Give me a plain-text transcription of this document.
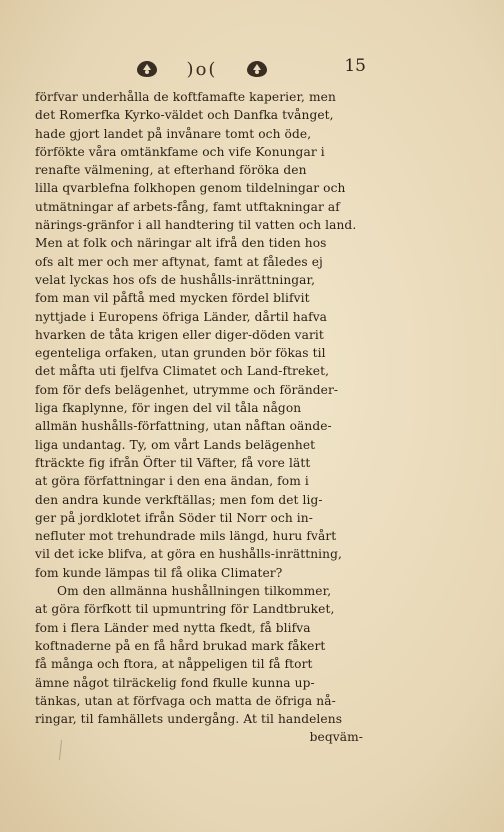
)o(	15
förfvar underhålla de koftfamafte kaperier, men
det Romerfka Kyrko-väldet och Danfka tvånget,
hade gjort landet på invånare tomt och öde,
förfökte våra omtänkfame och vife Konungar i
renafte välmening, at efterhand föröka den
lilla qvarblefna folkhopen genom tildelningar och
utmätningar af arbets-fång, famt utftakningar af
närings-gränfor i all handtering til vatten och land.
Men at folk och näringar alt ifrå den tiden hos
ofs alt mer och mer aftynat, famt at fåledes ej
velat lyckas hos ofs de hushålls-inrättningar,
fom man vil påftå med mycken fördel blifvit
nyttjade i Europens öfriga Länder, dårtil hafva
hvarken de tåta krigen eller diger-döden varit
egenteliga orfaken, utan grunden bör fökas til
det måfta uti fjelfva Climatet och Land-ftreket,
fom för defs belägenhet, utrymme och föränder-
liga fkaplynne, för ingen del vil tåla någon
allmän hushålls-författning, utan nåftan oände-
liga undantag. Ty, om vårt Lands belägenhet
fträckte fig ifrån Öfter til Väfter, få vore lätt
at göra författningar i den ena ändan, fom i
den andra kunde verkftällas; men fom det lig-
ger på jordklotet ifrån Söder til Norr och in-
nefluter mot trehundrade mils längd, huru fvårt
vil det icke blifva, at göra en hushålls-inrättning,
fom kunde lämpas til få olika Climater?
Om den allmänna hushållningen tilkommer,
at göra förfkott til upmuntring för Landtbruket,
fom i flera Länder med nytta fkedt, få blifva
koftnaderne på en få hård brukad mark fåkert
få många och ftora, at nåppeligen til få ftort
ämne något tilräckelig fond fkulle kunna up-
tänkas, utan at förfvaga och matta de öfriga nå-
ringar, til famhällets undergång. At til handelens
beqväm-
